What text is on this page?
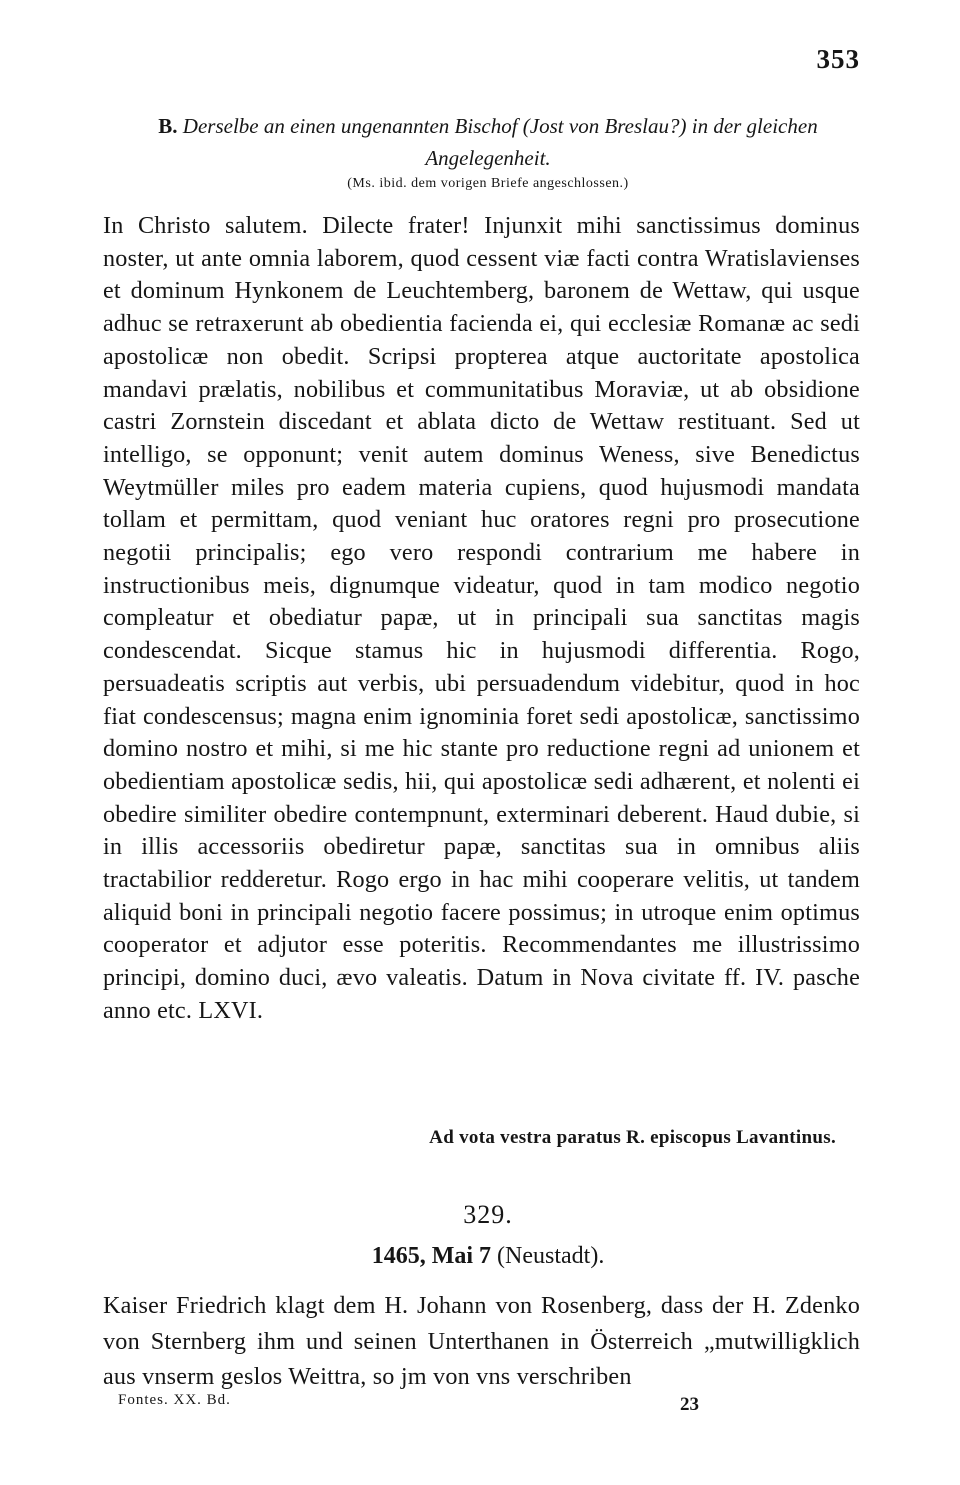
353

B. Derselbe an einen ungenannten Bischof (Jost von Breslau?) in der gleichen
Angelegenheit.

(Ms. ibid. dem vorigen Briefe angeschlossen.)

In Christo salutem. Dilecte frater! Injunxit mihi sanctissimus dominus noster, ut ante omnia laborem, quod cessent viæ facti contra Wratislavienses et dominum Hynkonem de Leuchtemberg, baronem de Wettaw, qui usque adhuc se retraxerunt ab obedientia facienda ei, qui ecclesiæ Romanæ ac sedi apostolicæ non obedit. Scripsi propterea atque auctoritate apostolica mandavi prælatis, nobilibus et communitatibus Moraviæ, ut ab obsidione castri Zornstein discedant et ablata dicto de Wettaw restituant. Sed ut intelligo, se opponunt; venit autem dominus Weness, sive Benedictus Weytmüller miles pro eadem materia cupiens, quod hujusmodi mandata tollam et permittam, quod veniant huc oratores regni pro prosecutione negotii principalis; ego vero respondi contrarium me habere in instructionibus meis, dignumque videatur, quod in tam modico negotio compleatur et obediatur papæ, ut in principali sua sanctitas magis condescendat. Sicque stamus hic in hujusmodi differentia. Rogo, persuadeatis scriptis aut verbis, ubi persuadendum videbitur, quod in hoc fiat condescensus; magna enim ignominia foret sedi apostolicæ, sanctissimo domino nostro et mihi, si me hic stante pro reductione regni ad unionem et obedientiam apostolicæ sedis, hii, qui apostolicæ sedi adhærent, et nolenti ei obedire similiter obedire contempnunt, exterminari deberent. Haud dubie, si in illis accessoriis obediretur papæ, sanctitas sua in omnibus aliis tractabilior redderetur. Rogo ergo in hac mihi cooperare velitis, ut tandem aliquid boni in principali negotio facere possimus; in utroque enim optimus cooperator et adjutor esse poteritis. Recommendantes me illustrissimo principi, domino duci, ævo valeatis. Datum in Nova civitate ff. IV. pasche anno etc. LXVI.

Ad vota vestra paratus R. episcopus Lavantinus.
329.
1465, Mai 7 (Neustadt).

Kaiser Friedrich klagt dem H. Johann von Rosenberg, dass der H. Zdenko von Sternberg ihm und seinen Unterthanen in Österreich „mutwilligklich aus vnserm geslos Weittra, so jm von vns verschriben

Fontes. XX. Bd.	23
